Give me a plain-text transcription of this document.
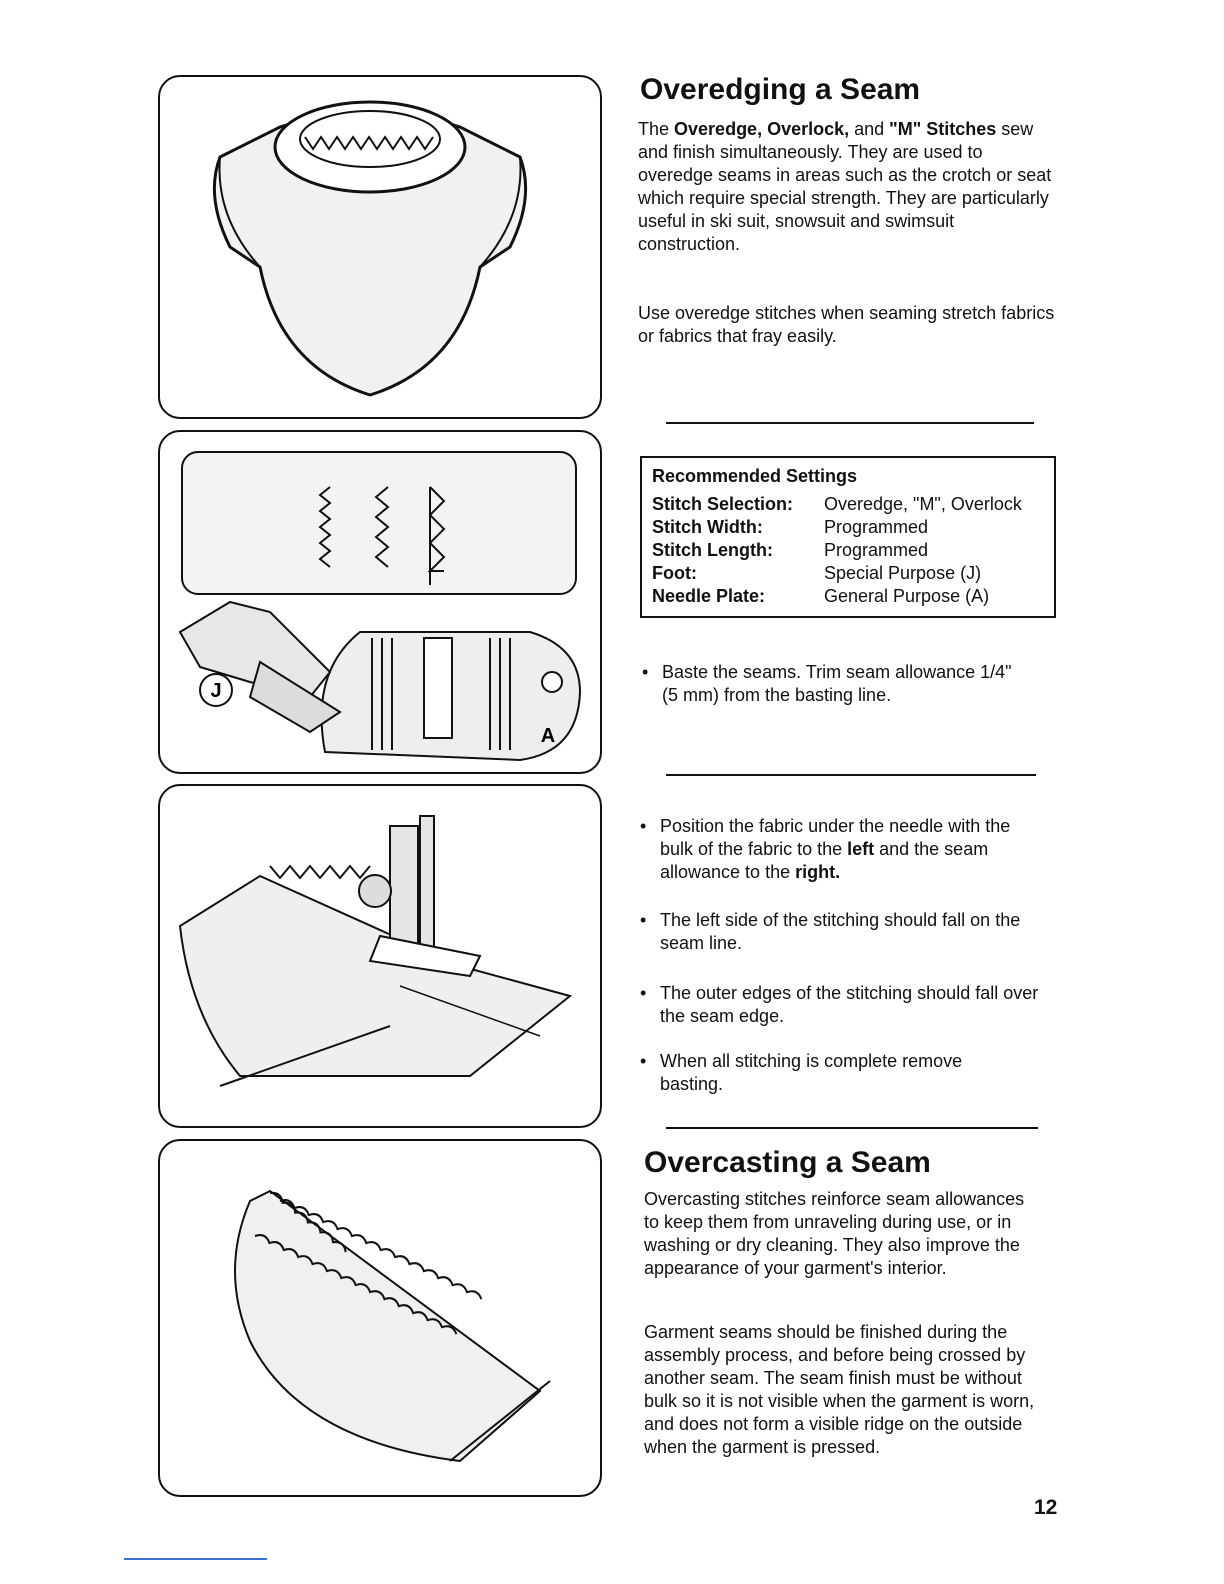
J
A
Overedging a Seam

The Overedge, Overlock, and "M" Stitches sew and finish simultaneously. They are used to overedge seams in areas such as the crotch or seat which require special strength. They are particularly useful in ski suit, snowsuit and swimsuit construction.

Use overedge stitches when seaming stretch fabrics or fabrics that fray easily.

Recommended Settings
Stitch Selection:	Overedge, "M", Overlock
Stitch Width:	Programmed
Stitch Length:	Programmed
Foot:	Special Purpose (J)
Needle Plate:	General Purpose (A)

• Baste the seams. Trim seam allowance 1/4" (5 mm) from the basting line.

• Position the fabric under the needle with the bulk of the fabric to the left and the seam allowance to the right.

• The left side of the stitching should fall on the seam line.

• The outer edges of the stitching should fall over the seam edge.

• When all stitching is complete remove basting.

Overcasting a Seam

Overcasting stitches reinforce seam allowances to keep them from unraveling during use, or in washing or dry cleaning. They also improve the appearance of your garment's interior.

Garment seams should be finished during the assembly process, and before being crossed by another seam. The seam finish must be without bulk so it is not visible when the garment is worn, and does not form a visible ridge on the outside when the garment is pressed.

12
